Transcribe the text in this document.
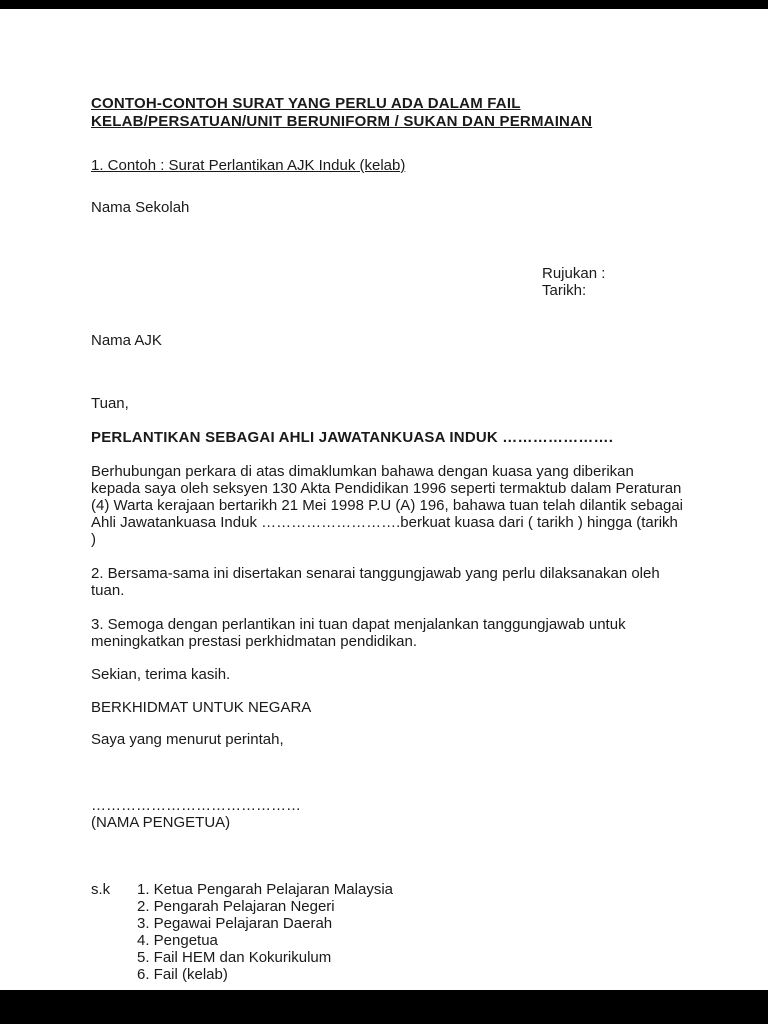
CONTOH-CONTOH SURAT YANG PERLU ADA DALAM FAIL KELAB/PERSATUAN/UNIT BERUNIFORM / SUKAN DAN PERMAINAN
1. Contoh : Surat Perlantikan AJK Induk (kelab)
Nama Sekolah
Rujukan :
Tarikh:
Nama AJK
Tuan,
PERLANTIKAN SEBAGAI AHLI JAWATANKUASA INDUK ………………….
Berhubungan perkara di atas dimaklumkan bahawa dengan kuasa yang diberikan kepada saya oleh seksyen 130 Akta Pendidikan 1996 seperti termaktub dalam Peraturan (4) Warta kerajaan bertarikh 21 Mei 1998 P.U (A) 196, bahawa tuan telah dilantik sebagai Ahli Jawatankuasa Induk ……………………….berkuat kuasa dari ( tarikh ) hingga (tarikh )
2. Bersama-sama ini disertakan senarai tanggungjawab yang perlu dilaksanakan oleh tuan.
3. Semoga dengan perlantikan ini tuan dapat menjalankan tanggungjawab untuk meningkatkan prestasi perkhidmatan pendidikan.
Sekian, terima kasih.
BERKHIDMAT UNTUK NEGARA
Saya yang menurut perintah,
……………………………………
(NAMA PENGETUA)
s.k	1. Ketua Pengarah Pelajaran Malaysia
2. Pengarah Pelajaran Negeri
3. Pegawai Pelajaran Daerah
4. Pengetua
5. Fail HEM dan Kokurikulum
6. Fail (kelab)
